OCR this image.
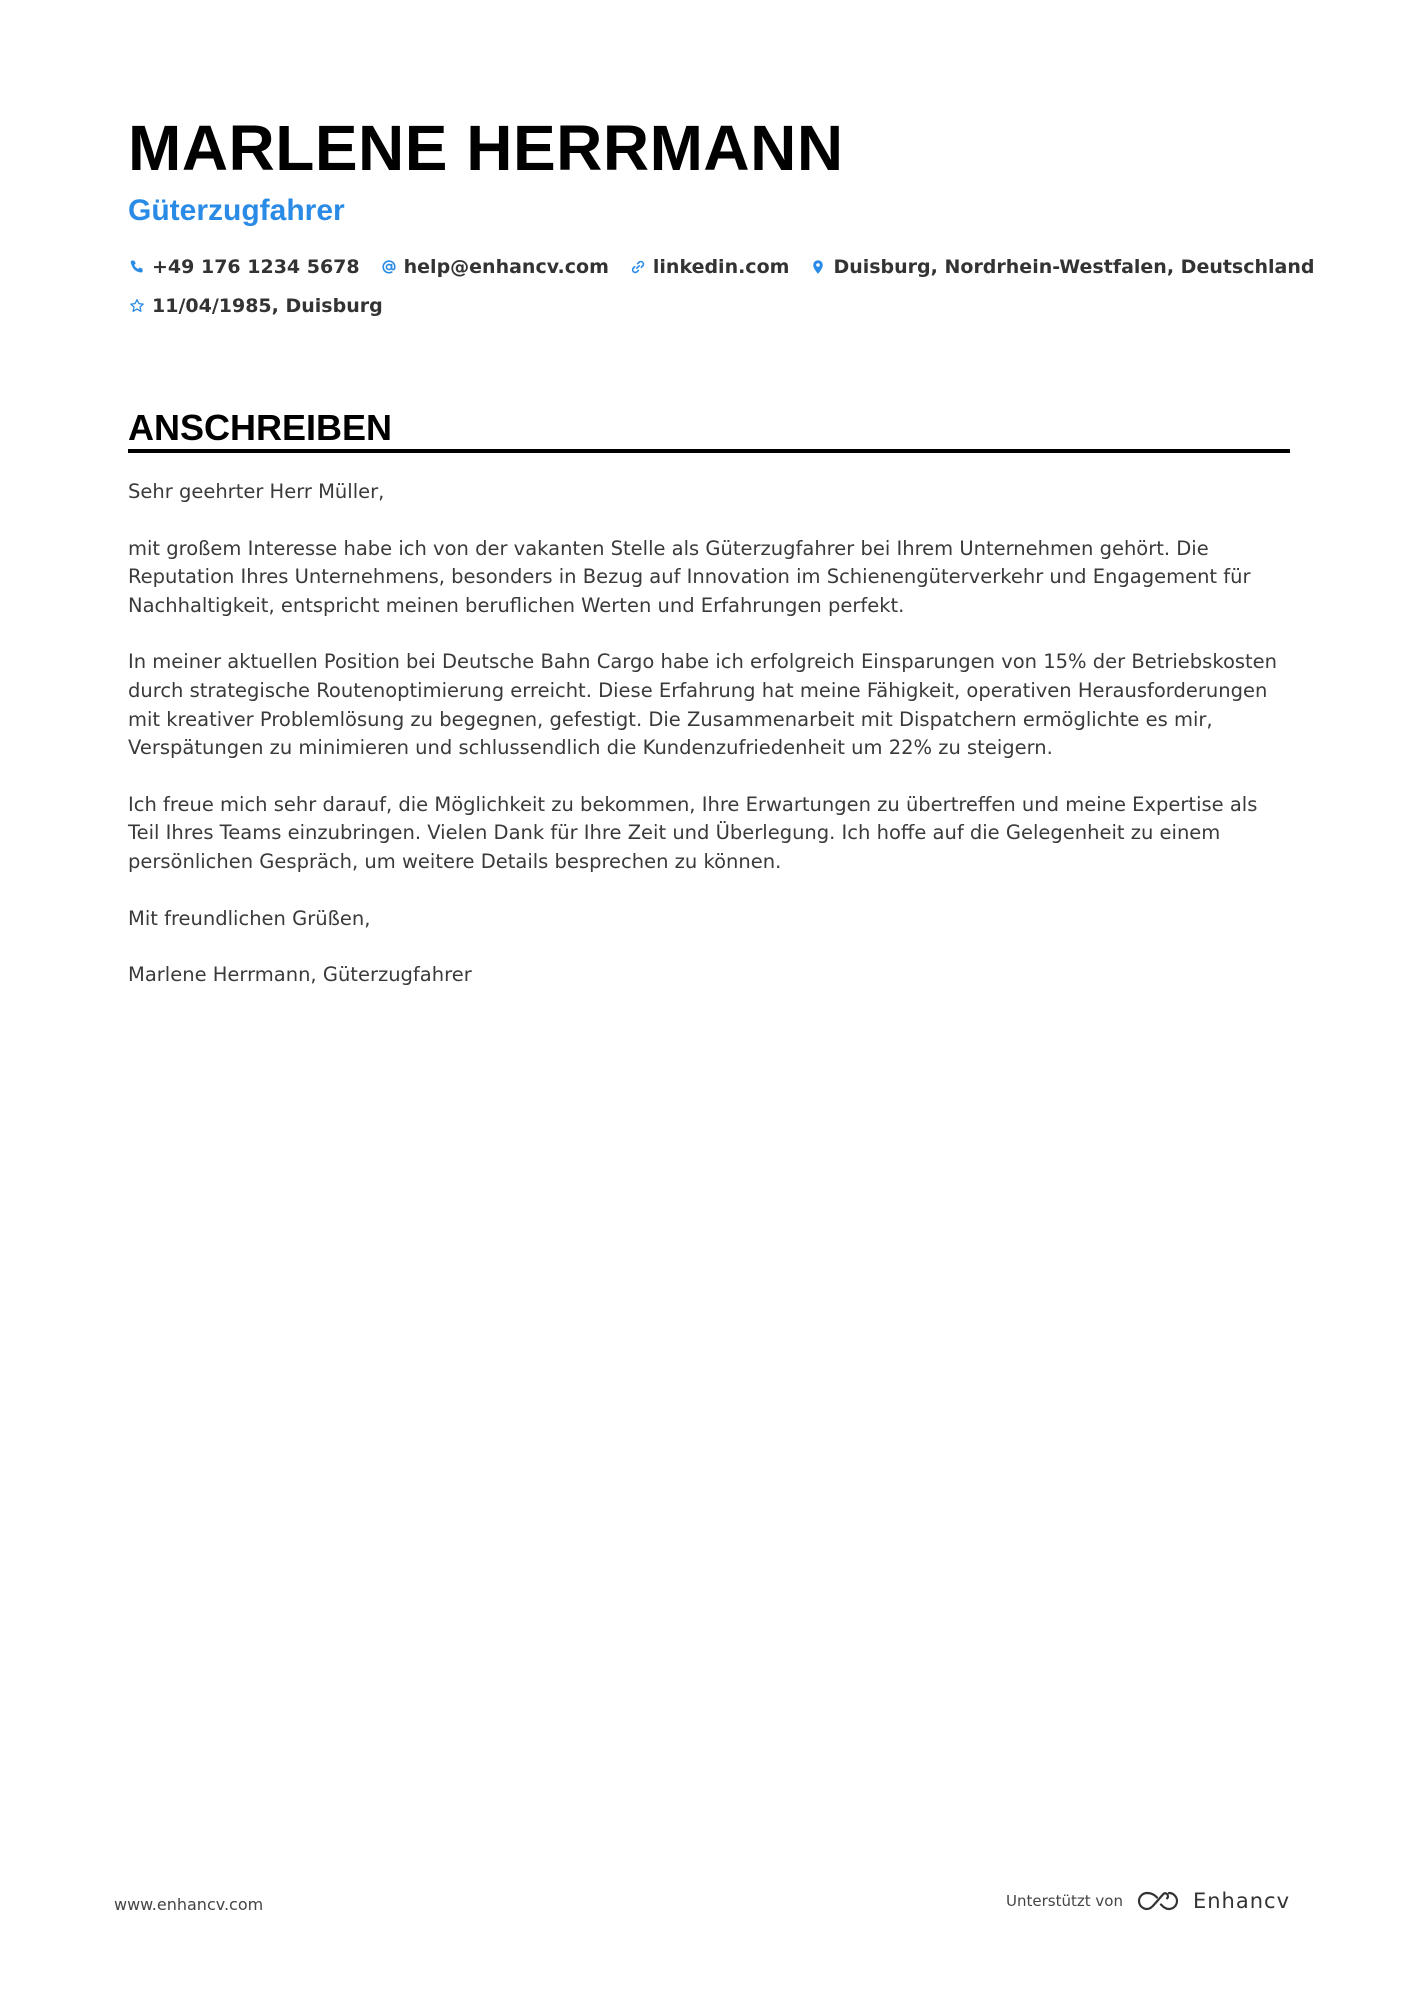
MARLENE HERRMANN
Güterzugfahrer
+49 176 1234 5678 help@enhancv.com linkedin.com Duisburg, Nordrhein-Westfalen, Deutschland
11/04/1985, Duisburg
ANSCHREIBEN

Sehr geehrter Herr Müller,

mit großem Interesse habe ich von der vakanten Stelle als Güterzugfahrer bei Ihrem Unternehmen gehört. Die Reputation Ihres Unternehmens, besonders in Bezug auf Innovation im Schienengüterverkehr und Engagement für Nachhaltigkeit, entspricht meinen beruflichen Werten und Erfahrungen perfekt.

In meiner aktuellen Position bei Deutsche Bahn Cargo habe ich erfolgreich Einsparungen von 15% der Betriebskosten durch strategische Routenoptimierung erreicht. Diese Erfahrung hat meine Fähigkeit, operativen Herausforderungen mit kreativer Problemlösung zu begegnen, gefestigt. Die Zusammenarbeit mit Dispatchern ermöglichte es mir, Verspätungen zu minimieren und schlussendlich die Kundenzufriedenheit um 22% zu steigern.

Ich freue mich sehr darauf, die Möglichkeit zu bekommen, Ihre Erwartungen zu übertreffen und meine Expertise als Teil Ihres Teams einzubringen. Vielen Dank für Ihre Zeit und Überlegung. Ich hoffe auf die Gelegenheit zu einem persönlichen Gespräch, um weitere Details besprechen zu können.

Mit freundlichen Grüßen,

Marlene Herrmann, Güterzugfahrer

www.enhancv.com	Unterstützt von	Enhancv
